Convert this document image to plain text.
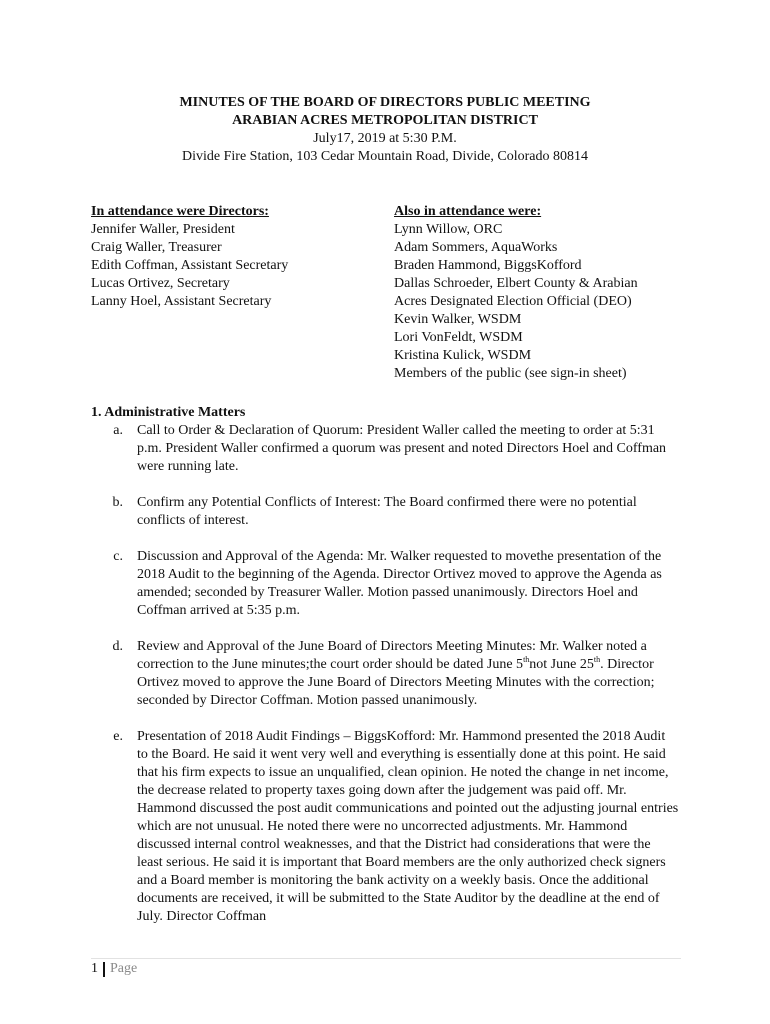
MINUTES OF THE BOARD OF DIRECTORS PUBLIC MEETING
ARABIAN ACRES METROPOLITAN DISTRICT
July17, 2019 at 5:30 P.M.
Divide Fire Station, 103 Cedar Mountain Road, Divide, Colorado 80814
In attendance were Directors:
Jennifer Waller, President
Craig Waller, Treasurer
Edith Coffman, Assistant Secretary
Lucas Ortivez, Secretary
Lanny Hoel, Assistant Secretary
Also in attendance were:
Lynn Willow, ORC
Adam Sommers, AquaWorks
Braden Hammond, BiggsKofford
Dallas Schroeder, Elbert County & Arabian
Acres Designated Election Official (DEO)
Kevin Walker, WSDM
Lori VonFeldt, WSDM
Kristina Kulick, WSDM
Members of the public (see sign-in sheet)
1. Administrative Matters
a.	Call to Order & Declaration of Quorum: President Waller called the meeting to order at 5:31 p.m. President Waller confirmed a quorum was present and noted Directors Hoel and Coffman were running late.
b.	Confirm any Potential Conflicts of Interest: The Board confirmed there were no potential conflicts of interest.
c.	Discussion and Approval of the Agenda: Mr. Walker requested to movethe presentation of the 2018 Audit to the beginning of the Agenda. Director Ortivez moved to approve the Agenda as amended; seconded by Treasurer Waller. Motion passed unanimously. Directors Hoel and Coffman arrived at 5:35 p.m.
d.	Review and Approval of the June Board of Directors Meeting Minutes: Mr. Walker noted a correction to the June minutes;the court order should be dated June 5thnot June 25th. Director Ortivez moved to approve the June Board of Directors Meeting Minutes with the correction; seconded by Director Coffman. Motion passed unanimously.
e.	Presentation of 2018 Audit Findings – BiggsKofford: Mr. Hammond presented the 2018 Audit to the Board. He said it went very well and everything is essentially done at this point. He said that his firm expects to issue an unqualified, clean opinion. He noted the change in net income, the decrease related to property taxes going down after the judgement was paid off. Mr. Hammond discussed the post audit communications and pointed out the adjusting journal entries which are not unusual. He noted there were no uncorrected adjustments. Mr. Hammond discussed internal control weaknesses, and that the District had considerations that were the least serious. He said it is important that Board members are the only authorized check signers and a Board member is monitoring the bank activity on a weekly basis. Once the additional documents are received, it will be submitted to the State Auditor by the deadline at the end of July. Director Coffman
1 Page
